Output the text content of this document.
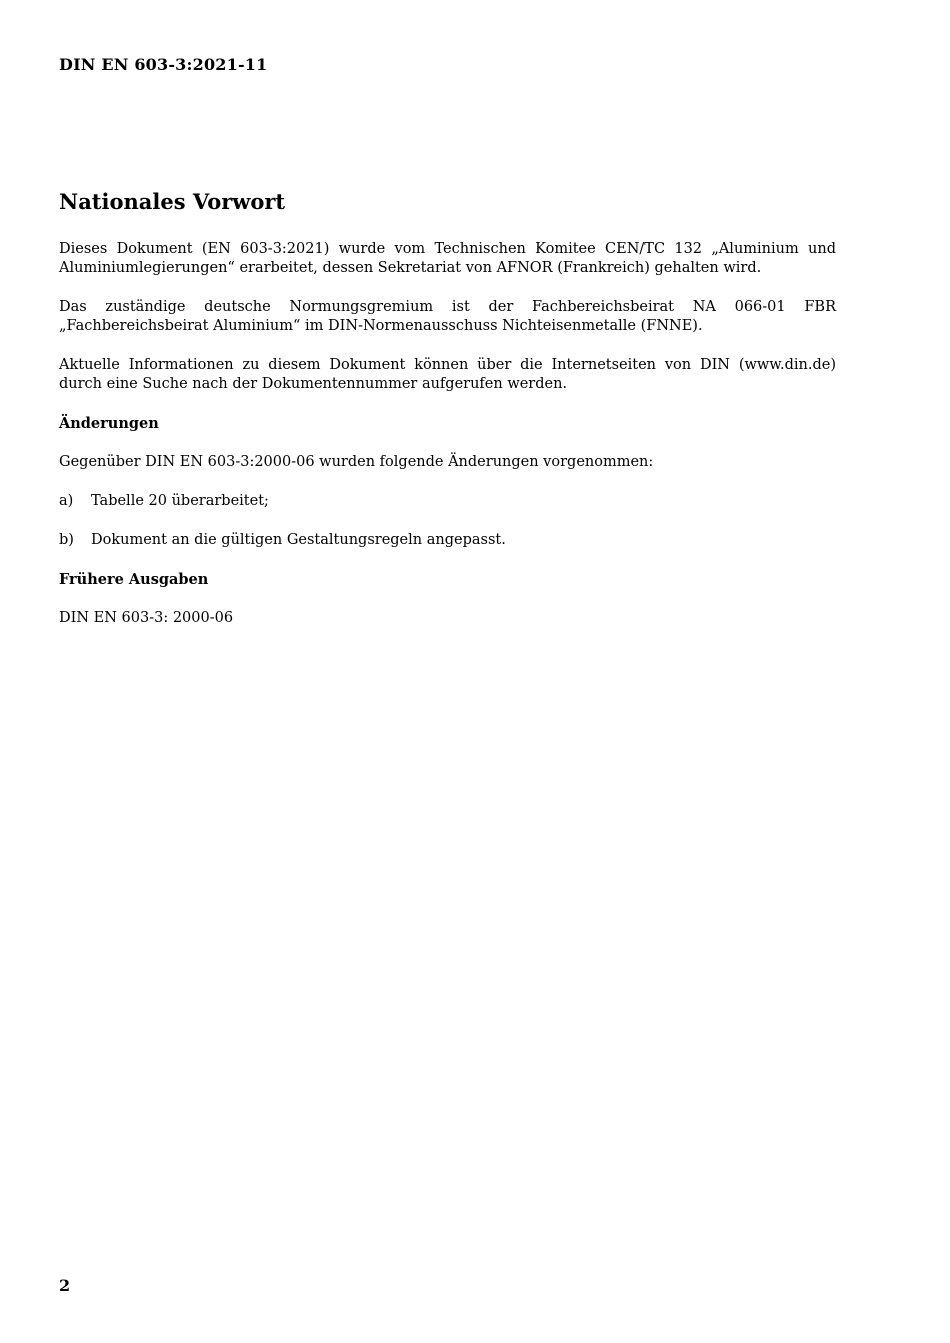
DIN EN 603-3:2021-11
Nationales Vorwort

Dieses Dokument (EN 603-3:2021) wurde vom Technischen Komitee CEN/TC 132 „Aluminium und Aluminiumlegierungen“ erarbeitet, dessen Sekretariat von AFNOR (Frankreich) gehalten wird.

Das zuständige deutsche Normungsgremium ist der Fachbereichsbeirat NA 066-01 FBR „Fachbereichsbeirat Aluminium“ im DIN-Normenausschuss Nichteisenmetalle (FNNE).

Aktuelle Informationen zu diesem Dokument können über die Internetseiten von DIN (www.din.de) durch eine Suche nach der Dokumentennummer aufgerufen werden.

Änderungen

Gegenüber DIN EN 603-3:2000-06 wurden folgende Änderungen vorgenommen:

a)	Tabelle 20 überarbeitet;
b)	Dokument an die gültigen Gestaltungsregeln angepasst.
Frühere Ausgaben

DIN EN 603-3: 2000-06

2
